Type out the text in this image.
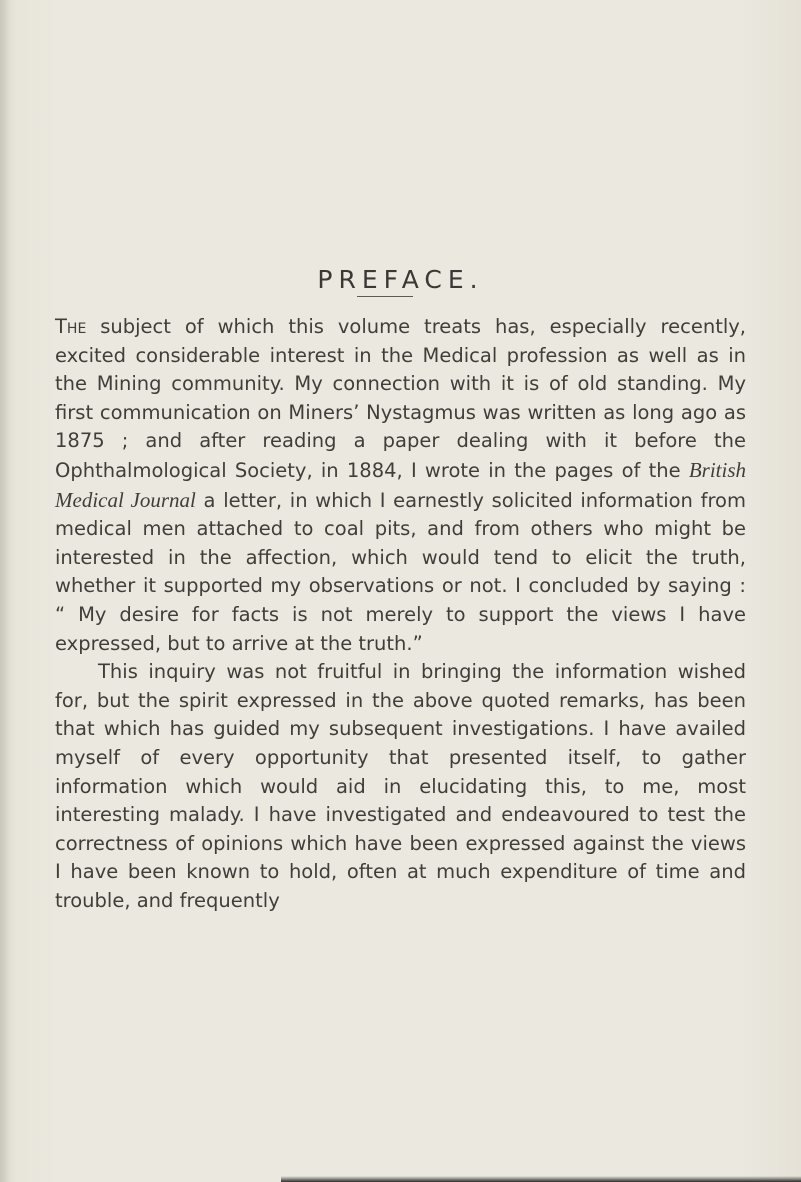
PREFACE.

The subject of which this volume treats has, especially recently, excited considerable interest in the Medical profession as well as in the Mining community. My connection with it is of old standing. My first communication on Miners’ Nystagmus was written as long ago as 1875 ; and after reading a paper dealing with it before the Ophthalmological Society, in 1884, I wrote in the pages of the British Medical Journal a letter, in which I earnestly solicited information from medical men attached to coal pits, and from others who might be interested in the affection, which would tend to elicit the truth, whether it supported my observations or not. I concluded by saying : “ My desire for facts is not merely to support the views I have expressed, but to arrive at the truth.”

This inquiry was not fruitful in bringing the information wished for, but the spirit expressed in the above quoted remarks, has been that which has guided my subsequent investigations. I have availed myself of every opportunity that presented itself, to gather information which would aid in elucidating this, to me, most interesting malady. I have investigated and endeavoured to test the correctness of opinions which have been expressed against the views I have been known to hold, often at much expenditure of time and trouble, and frequently
